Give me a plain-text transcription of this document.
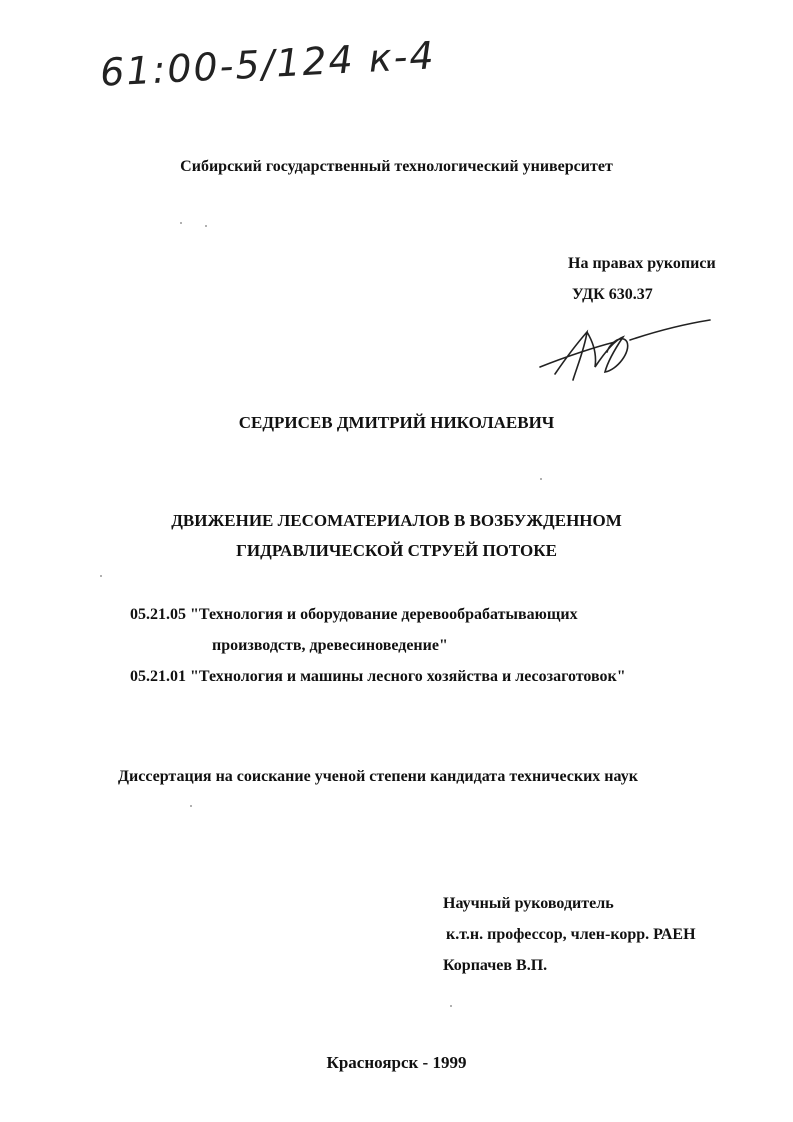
61:00-5/124 к-4
Сибирский государственный технологический университет
На правах рукописи
УДК 630.37
СЕДРИСЕВ ДМИТРИЙ НИКОЛАЕВИЧ
ДВИЖЕНИЕ ЛЕСОМАТЕРИАЛОВ В ВОЗБУЖДЕННОМ
ГИДРАВЛИЧЕСКОЙ СТРУЕЙ ПОТОКЕ
05.21.05 "Технология и оборудование деревообрабатывающих
производств, древесиноведение"
05.21.01 "Технология и машины лесного хозяйства и лесозаготовок"
Диссертация на соискание ученой степени кандидата технических наук
Научный руководитель
к.т.н. профессор, член-корр. РАЕН
Корпачев В.П.
Красноярск - 1999
